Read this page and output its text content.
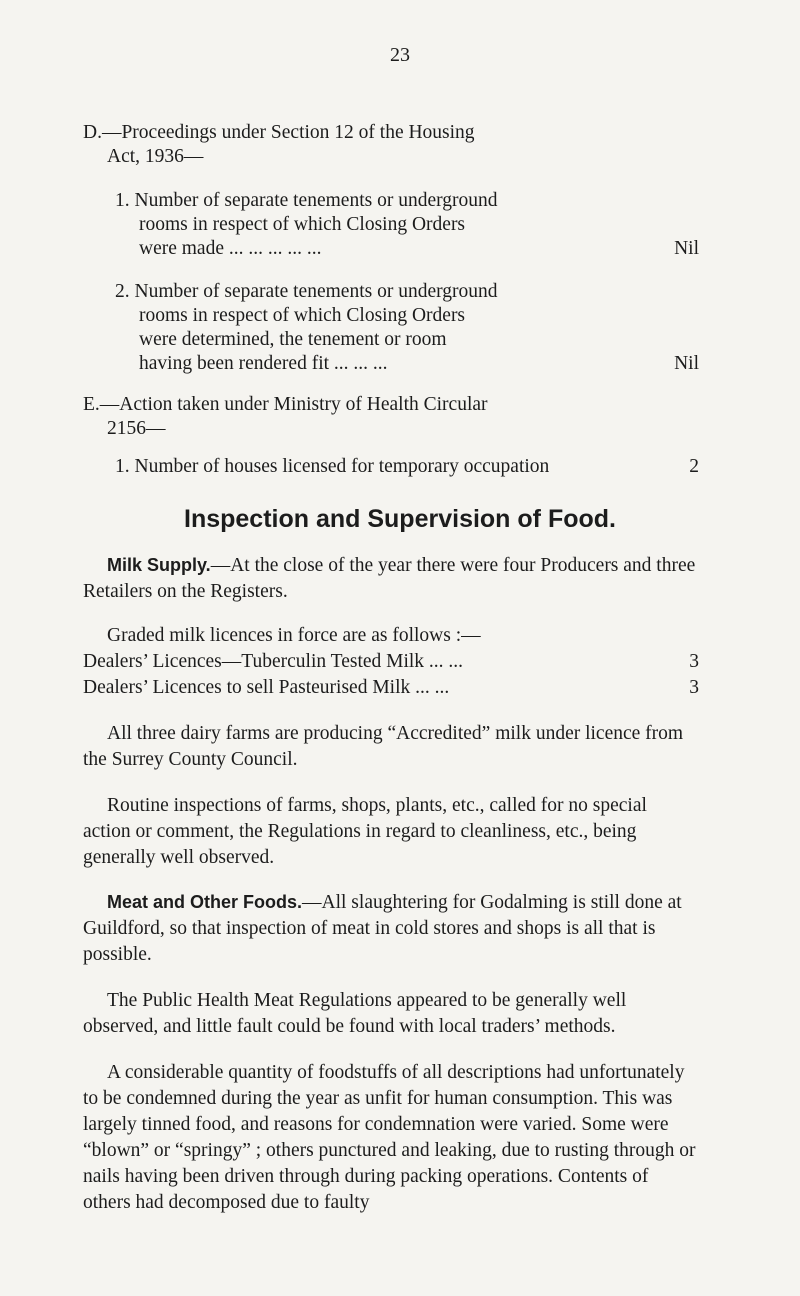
23
D.—Proceedings under Section 12 of the Housing
Act, 1936—
1. Number of separate tenements or underground
rooms in respect of which Closing Orders
were made ... ... ... ... ...	Nil
2. Number of separate tenements or underground
rooms in respect of which Closing Orders
were determined, the tenement or room
having been rendered fit ... ... ...	Nil
E.—Action taken under Ministry of Health Circular
2156—
1. Number of houses licensed for temporary occupation	2
Inspection and Supervision of Food.

Milk Supply.—At the close of the year there were four Producers and three Retailers on the Registers.

Graded milk licences in force are as follows :—

Dealers’ Licences—Tuberculin Tested Milk ... ...	3
Dealers’ Licences to sell Pasteurised Milk ... ...	3

All three dairy farms are producing “Accredited” milk under licence from the Surrey County Council.

Routine inspections of farms, shops, plants, etc., called for no special action or comment, the Regulations in regard to cleanliness, etc., being generally well observed.

Meat and Other Foods.—All slaughtering for Godalming is still done at Guildford, so that inspection of meat in cold stores and shops is all that is possible.

The Public Health Meat Regulations appeared to be generally well observed, and little fault could be found with local traders’ methods.

A considerable quantity of foodstuffs of all descriptions had unfortunately to be condemned during the year as unfit for human consumption. This was largely tinned food, and reasons for condemnation were varied. Some were “blown” or “springy” ; others punctured and leaking, due to rusting through or nails having been driven through during packing operations. Contents of others had decomposed due to faulty
